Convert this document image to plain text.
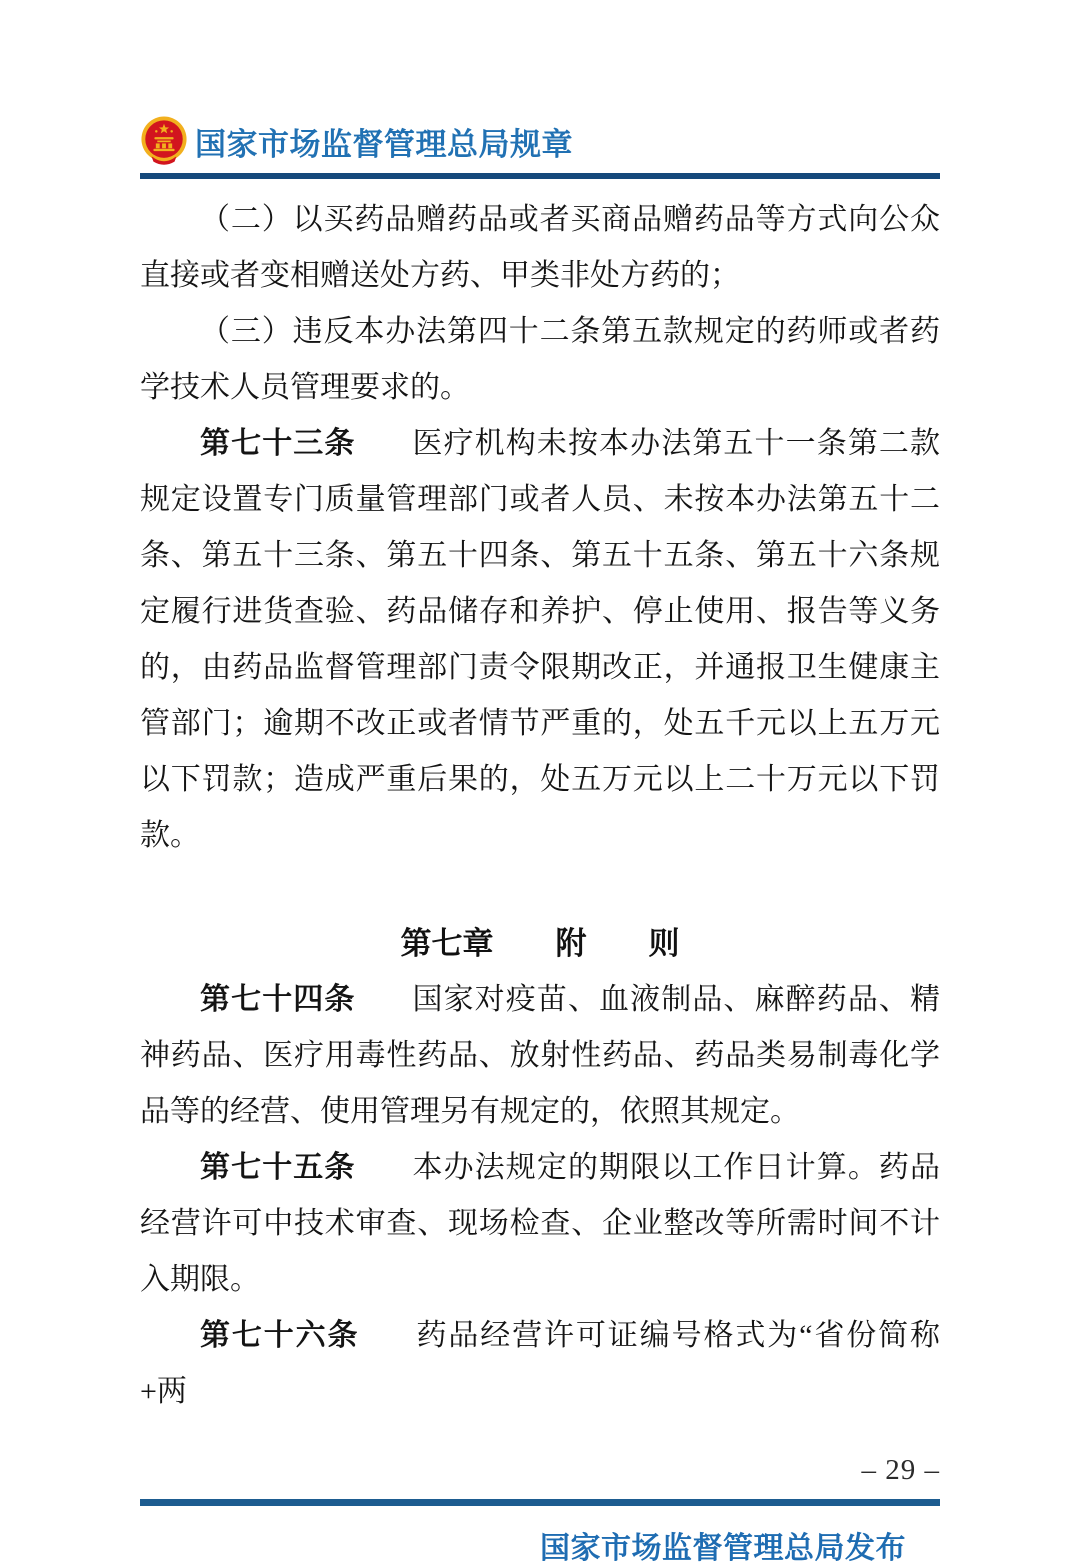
国家市场监督管理总局规章

（二）以买药品赠药品或者买商品赠药品等方式向公众直接或者变相赠送处方药、甲类非处方药的；

（三）违反本办法第四十二条第五款规定的药师或者药学技术人员管理要求的。

第七十三条 医疗机构未按本办法第五十一条第二款规定设置专门质量管理部门或者人员、未按本办法第五十二条、第五十三条、第五十四条、第五十五条、第五十六条规定履行进货查验、药品储存和养护、停止使用、报告等义务的，由药品监督管理部门责令限期改正，并通报卫生健康主管部门；逾期不改正或者情节严重的，处五千元以上五万元以下罚款；造成严重后果的，处五万元以上二十万元以下罚款。

第七章　　附　　则

第七十四条 国家对疫苗、血液制品、麻醉药品、精神药品、医疗用毒性药品、放射性药品、药品类易制毒化学品等的经营、使用管理另有规定的，依照其规定。

第七十五条 本办法规定的期限以工作日计算。药品经营许可中技术审查、现场检查、企业整改等所需时间不计入期限。

第七十六条 药品经营许可证编号格式为“省份简称+两

– 29 –
国家市场监督管理总局发布
